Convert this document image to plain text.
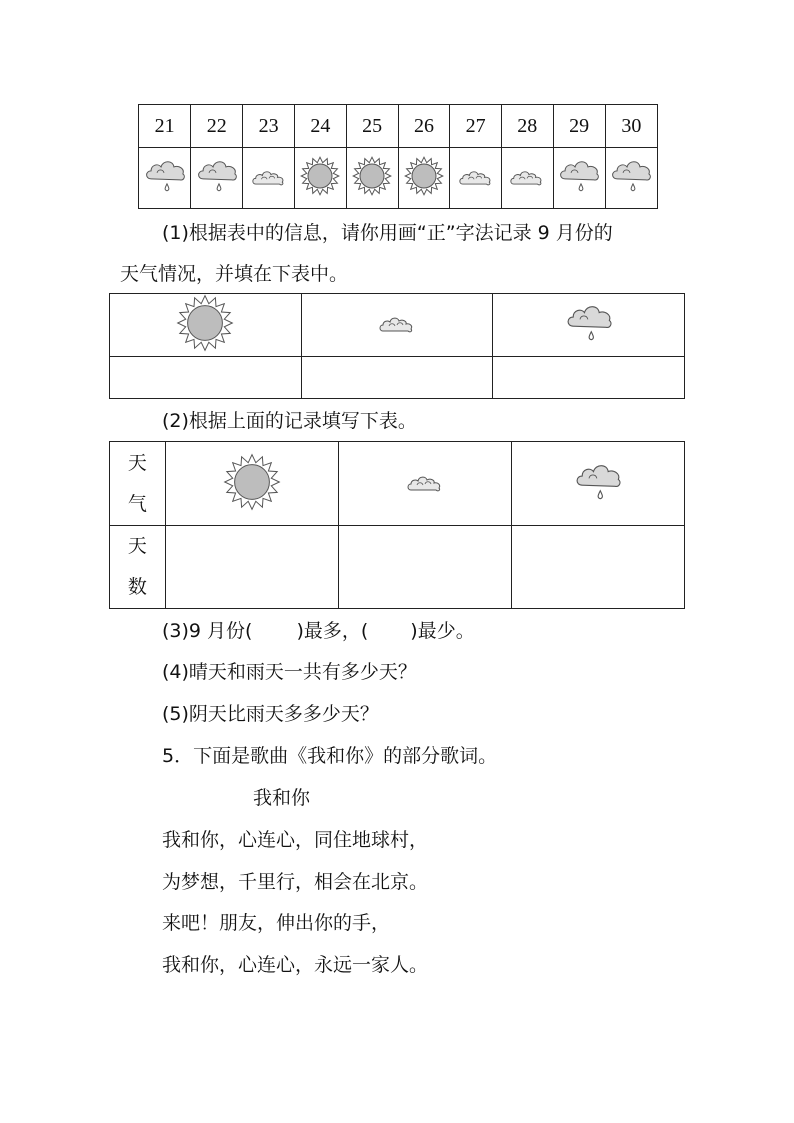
21	22	23	24	25	26	27	28	29	30

(1)根据表中的信息，请你用画“正”字法记录 9 月份的
天气情况，并填在下表中。

(2)根据上面的记录填写下表。
天
气

天
数			

(3)9 月份( )最多，( )最少。
(4)晴天和雨天一共有多少天？
(5)阴天比雨天多多少天？
5．下面是歌曲《我和你》的部分歌词。
我和你
我和你，心连心，同住地球村，
为梦想，千里行，相会在北京。
来吧！朋友，伸出你的手，
我和你，心连心，永远一家人。
